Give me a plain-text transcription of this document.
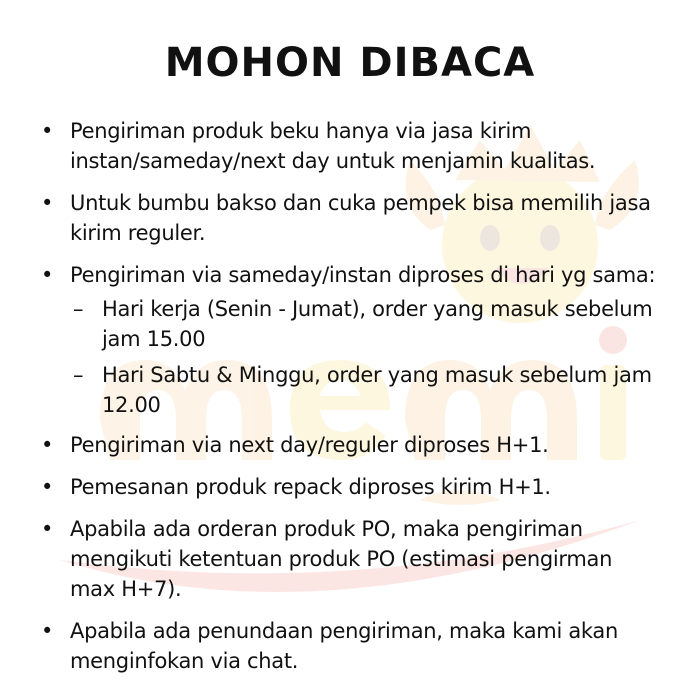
MOHON DIBACA
• Pengiriman produk beku hanya via jasa kirim instan/sameday/next day untuk menjamin kualitas.
• Untuk bumbu bakso dan cuka pempek bisa memilih jasa kirim reguler.
• Pengiriman via sameday/instan diproses di hari yg sama:
– Hari kerja (Senin - Jumat), order yang masuk sebelum jam 15.00
– Hari Sabtu & Minggu, order yang masuk sebelum jam 12.00
• Pengiriman via next day/reguler diproses H+1.
• Pemesanan produk repack diproses kirim H+1.
• Apabila ada orderan produk PO, maka pengiriman mengikuti ketentuan produk PO (estimasi pengirman max H+7).
• Apabila ada penundaan pengiriman, maka kami akan menginfokan via chat.
